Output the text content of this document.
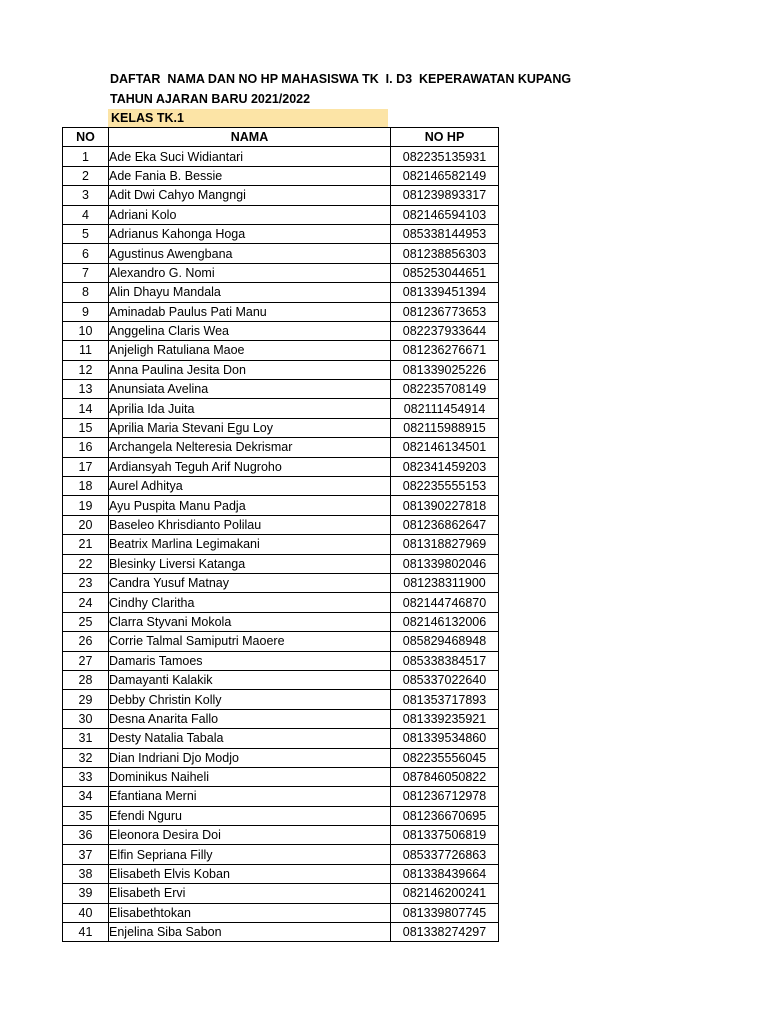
DAFTAR  NAMA DAN NO HP MAHASISWA TK  I. D3  KEPERAWATAN KUPANG
TAHUN AJARAN BARU 2021/2022
KELAS TK.1
NO	NAMA	NO HP
1	Ade Eka Suci Widiantari	082235135931
2	Ade Fania B. Bessie	082146582149
3	Adit Dwi Cahyo Mangngi	081239893317
4	Adriani Kolo	082146594103
5	Adrianus Kahonga Hoga	085338144953
6	Agustinus Awengbana	081238856303
7	Alexandro G. Nomi	085253044651
8	Alin Dhayu Mandala	081339451394
9	Aminadab Paulus Pati Manu	081236773653
10	Anggelina Claris Wea	082237933644
11	Anjeligh Ratuliana Maoe	081236276671
12	Anna Paulina Jesita Don	081339025226
13	Anunsiata Avelina	082235708149
14	Aprilia Ida Juita	082111454914
15	Aprilia Maria Stevani Egu Loy	082115988915
16	Archangela Nelteresia Dekrismar	082146134501
17	Ardiansyah Teguh Arif Nugroho	082341459203
18	Aurel Adhitya	082235555153
19	Ayu Puspita Manu Padja	081390227818
20	Baseleo Khrisdianto Polilau	081236862647
21	Beatrix Marlina Legimakani	081318827969
22	Blesinky Liversi Katanga	081339802046
23	Candra Yusuf Matnay	081238311900
24	Cindhy Claritha	082144746870
25	Clarra Styvani Mokola	082146132006
26	Corrie Talmal Samiputri Maoere	085829468948
27	Damaris Tamoes	085338384517
28	Damayanti Kalakik	085337022640
29	Debby Christin Kolly	081353717893
30	Desna Anarita Fallo	081339235921
31	Desty Natalia Tabala	081339534860
32	Dian Indriani Djo Modjo	082235556045
33	Dominikus Naiheli	087846050822
34	Efantiana Merni	081236712978
35	Efendi Nguru	081236670695
36	Eleonora Desira Doi	081337506819
37	Elfin Sepriana Filly	085337726863
38	Elisabeth Elvis Koban	081338439664
39	Elisabeth Ervi	082146200241
40	Elisabethtokan	081339807745
41	Enjelina Siba Sabon	081338274297
